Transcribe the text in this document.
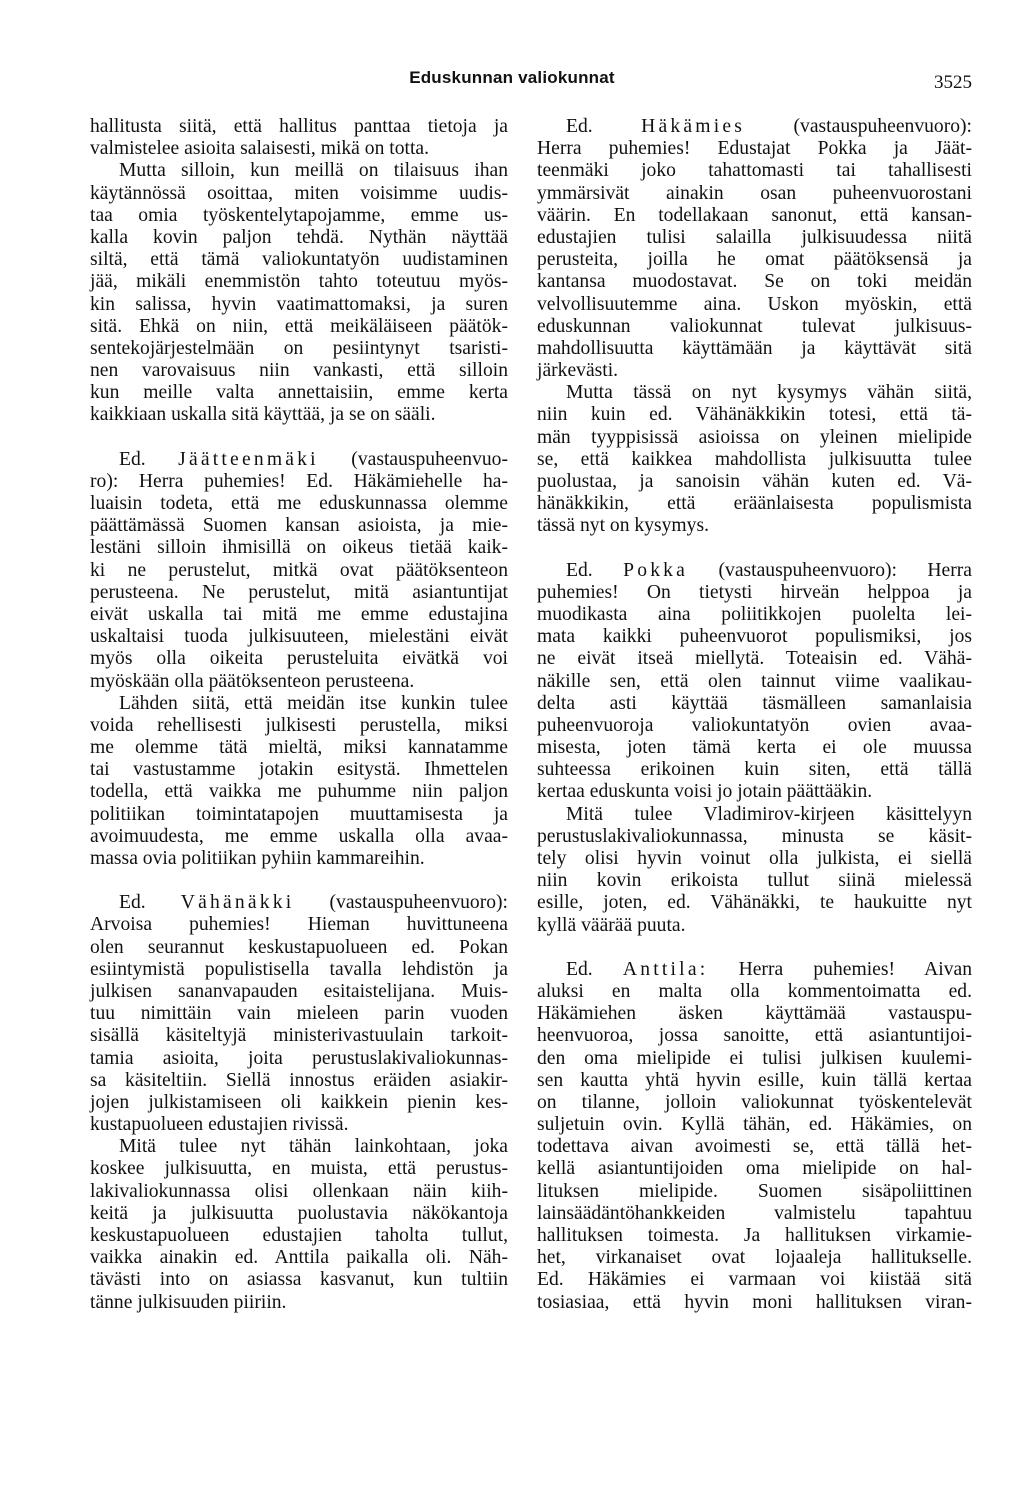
Eduskunnan valiokunnat	3525
hallitusta siitä, että hallitus panttaa tietoja ja
valmistelee asioita salaisesti, mikä on totta.
Mutta silloin, kun meillä on tilaisuus ihan
käytännössä osoittaa, miten voisimme uudis-
taa omia työskentelytapojamme, emme us-
kalla kovin paljon tehdä. Nythän näyttää
siltä, että tämä valiokuntatyön uudistaminen
jää, mikäli enemmistön tahto toteutuu myös-
kin salissa, hyvin vaatimattomaksi, ja suren
sitä. Ehkä on niin, että meikäläiseen päätök-
sentekojärjestelmään on pesiintynyt tsaristi-
nen varovaisuus niin vankasti, että silloin
kun meille valta annettaisiin, emme kerta
kaikkiaan uskalla sitä käyttää, ja se on sääli.
Ed. Jäätteenmäki (vastauspuheenvuo-
ro): Herra puhemies! Ed. Häkämiehelle ha-
luaisin todeta, että me eduskunnassa olemme
päättämässä Suomen kansan asioista, ja mie-
lestäni silloin ihmisillä on oikeus tietää kaik-
ki ne perustelut, mitkä ovat päätöksenteon
perusteena. Ne perustelut, mitä asiantuntijat
eivät uskalla tai mitä me emme edustajina
uskaltaisi tuoda julkisuuteen, mielestäni eivät
myös olla oikeita perusteluita eivätkä voi
myöskään olla päätöksenteon perusteena.
Lähden siitä, että meidän itse kunkin tulee
voida rehellisesti julkisesti perustella, miksi
me olemme tätä mieltä, miksi kannatamme
tai vastustamme jotakin esitystä. Ihmettelen
todella, että vaikka me puhumme niin paljon
politiikan toimintatapojen muuttamisesta ja
avoimuudesta, me emme uskalla olla avaa-
massa ovia politiikan pyhiin kammareihin.
Ed. Vähänäkki (vastauspuheenvuoro):
Arvoisa puhemies! Hieman huvittuneena
olen seurannut keskustapuolueen ed. Pokan
esiintymistä populistisella tavalla lehdistön ja
julkisen sananvapauden esitaistelijana. Muis-
tuu nimittäin vain mieleen parin vuoden
sisällä käsiteltyjä ministerivastuulain tarkoit-
tamia asioita, joita perustuslakivaliokunnas-
sa käsiteltiin. Siellä innostus eräiden asiakir-
jojen julkistamiseen oli kaikkein pienin kes-
kustapuolueen edustajien rivissä.
Mitä tulee nyt tähän lainkohtaan, joka
koskee julkisuutta, en muista, että perustus-
lakivaliokunnassa olisi ollenkaan näin kiih-
keitä ja julkisuutta puolustavia näkökantoja
keskustapuolueen edustajien taholta tullut,
vaikka ainakin ed. Anttila paikalla oli. Näh-
tävästi into on asiassa kasvanut, kun tultiin
tänne julkisuuden piiriin.
Ed. Häkämies (vastauspuheenvuoro):
Herra puhemies! Edustajat Pokka ja Jäät-
teenmäki joko tahattomasti tai tahallisesti
ymmärsivät ainakin osan puheenvuorostani
väärin. En todellakaan sanonut, että kansan-
edustajien tulisi salailla julkisuudessa niitä
perusteita, joilla he omat päätöksensä ja
kantansa muodostavat. Se on toki meidän
velvollisuutemme aina. Uskon myöskin, että
eduskunnan valiokunnat tulevat julkisuus-
mahdollisuutta käyttämään ja käyttävät sitä
järkevästi.
Mutta tässä on nyt kysymys vähän siitä,
niin kuin ed. Vähänäkkikin totesi, että tä-
män tyyppisissä asioissa on yleinen mielipide
se, että kaikkea mahdollista julkisuutta tulee
puolustaa, ja sanoisin vähän kuten ed. Vä-
hänäkkikin, että eräänlaisesta populismista
tässä nyt on kysymys.
Ed. Pokka (vastauspuheenvuoro): Herra
puhemies! On tietysti hirveän helppoa ja
muodikasta aina poliitikkojen puolelta lei-
mata kaikki puheenvuorot populismiksi, jos
ne eivät itseä miellytä. Toteaisin ed. Vähä-
näkille sen, että olen tainnut viime vaalikau-
delta asti käyttää täsmälleen samanlaisia
puheenvuoroja valiokuntatyön ovien avaa-
misesta, joten tämä kerta ei ole muussa
suhteessa erikoinen kuin siten, että tällä
kertaa eduskunta voisi jo jotain päättääkin.
Mitä tulee Vladimirov-kirjeen käsittelyyn
perustuslakivaliokunnassa, minusta se käsit-
tely olisi hyvin voinut olla julkista, ei siellä
niin kovin erikoista tullut siinä mielessä
esille, joten, ed. Vähänäkki, te haukuitte nyt
kyllä väärää puuta.
Ed. Anttila: Herra puhemies! Aivan
aluksi en malta olla kommentoimatta ed.
Häkämiehen äsken käyttämää vastauspu-
heenvuoroa, jossa sanoitte, että asiantuntijoi-
den oma mielipide ei tulisi julkisen kuulemi-
sen kautta yhtä hyvin esille, kuin tällä kertaa
on tilanne, jolloin valiokunnat työskentelevät
suljetuin ovin. Kyllä tähän, ed. Häkämies, on
todettava aivan avoimesti se, että tällä het-
kellä asiantuntijoiden oma mielipide on hal-
lituksen mielipide. Suomen sisäpoliittinen
lainsäädäntöhankkeiden valmistelu tapahtuu
hallituksen toimesta. Ja hallituksen virkamie-
het, virkanaiset ovat lojaaleja hallitukselle.
Ed. Häkämies ei varmaan voi kiistää sitä
tosiasiaa, että hyvin moni hallituksen viran-
